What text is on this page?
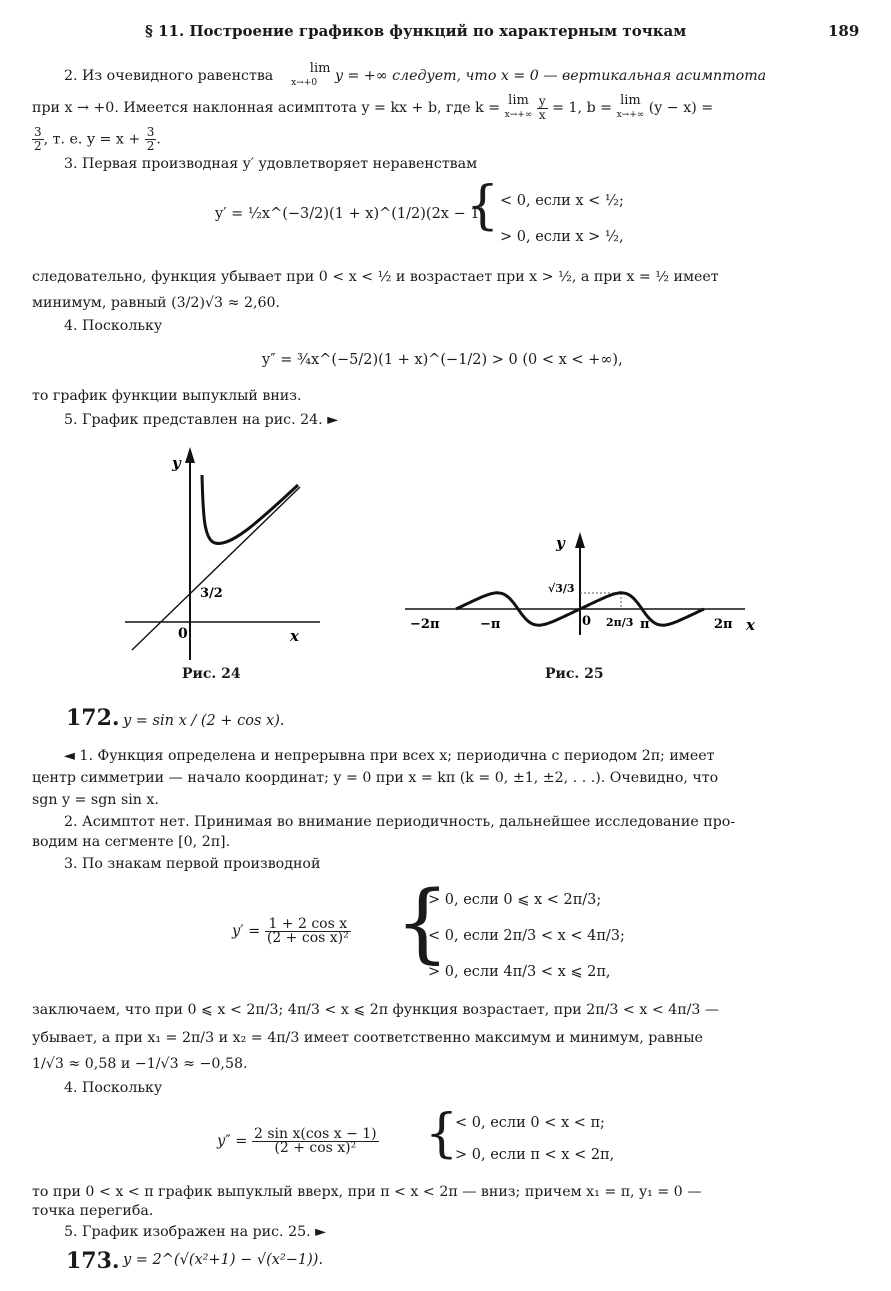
§ 11. Построение графиков функций по характерным точкам	189
2. Из очевидного равенства	lim
x→+0 y = +∞ следует, что x = 0 — вертикальная асимптота
при x → +0. Имеется наклонная асимптота y = kx + b, где k = lim
$x\to+\infty \frac{y}{x} = 1$, b = lim
x→+∞ (y − x) =
$\frac{3}{2}$ , т. е. $y = x + \frac{3}{2}$ .
3. Первая производная y′ удовлетворяет неравенствам
y′ = ½x^(−3/2)(1 + x)^(1/2)(2x − 1)
{ < 0, если x < ½;
> 0, если x > ½,
следовательно, функция убывает при 0 < x < ½ и возрастает при x > ½, а при x = ½ имеет
минимум, равный (3/2)√3 ≈ 2,60.
4. Поскольку
y″ = ¾x^(−5/2)(1 + x)^(−1/2) > 0 (0 < x < +∞),
то график функции выпуклый вниз.
5. График представлен на рис. 24. ►
y
x
0
3/2
Рис. 24
y
x
0
√3/3
−2π	−π	2π/3 π	2π
Рис. 25
172. y = sin x / (2 + cos x).
◄ 1. Функция определена и непрерывна при всех x; периодична с периодом 2π; имеет
центр симметрии — начало координат; y = 0 при x = kπ (k = 0, ±1, ±2, . . .). Очевидно, что
sgn y = sgn sin x.
2. Асимптот нет. Принимая во внимание периодичность, дальнейшее исследование про-
водим на сегменте [0, 2π].
3. По знакам первой производной
$y' = \frac{\text{1 + 2 cos x}}{\text{(2 + cos x)²}}$ {
> 0, если 0 ⩽ x < 2π/3;
< 0, если 2π/3 < x < 4π/3;
> 0, если 4π/3 < x ⩽ 2π,
заключаем, что при 0 ⩽ x < 2π/3; 4π/3 < x ⩽ 2π функция возрастает, при 2π/3 < x < 4π/3 —
убывает, а при x₁ = 2π/3 и x₂ = 4π/3 имеет соответственно максимум и минимум, равные
1/√3 ≈ 0,58 и −1/√3 ≈ −0,58.
4. Поскольку
$y'' = \frac{\text{2 sin x(cos x − 1)}}{\text{(2 + cos x)²}}$ {
< 0, если 0 < x < π;
> 0, если π < x < 2π,
то при 0 < x < π график выпуклый вверх, при π < x < 2π — вниз; причем x₁ = π, y₁ = 0 —
точка перегиба.
5. График изображен на рис. 25. ►
173. y = 2^(√(x²+1) − √(x²−1)).
